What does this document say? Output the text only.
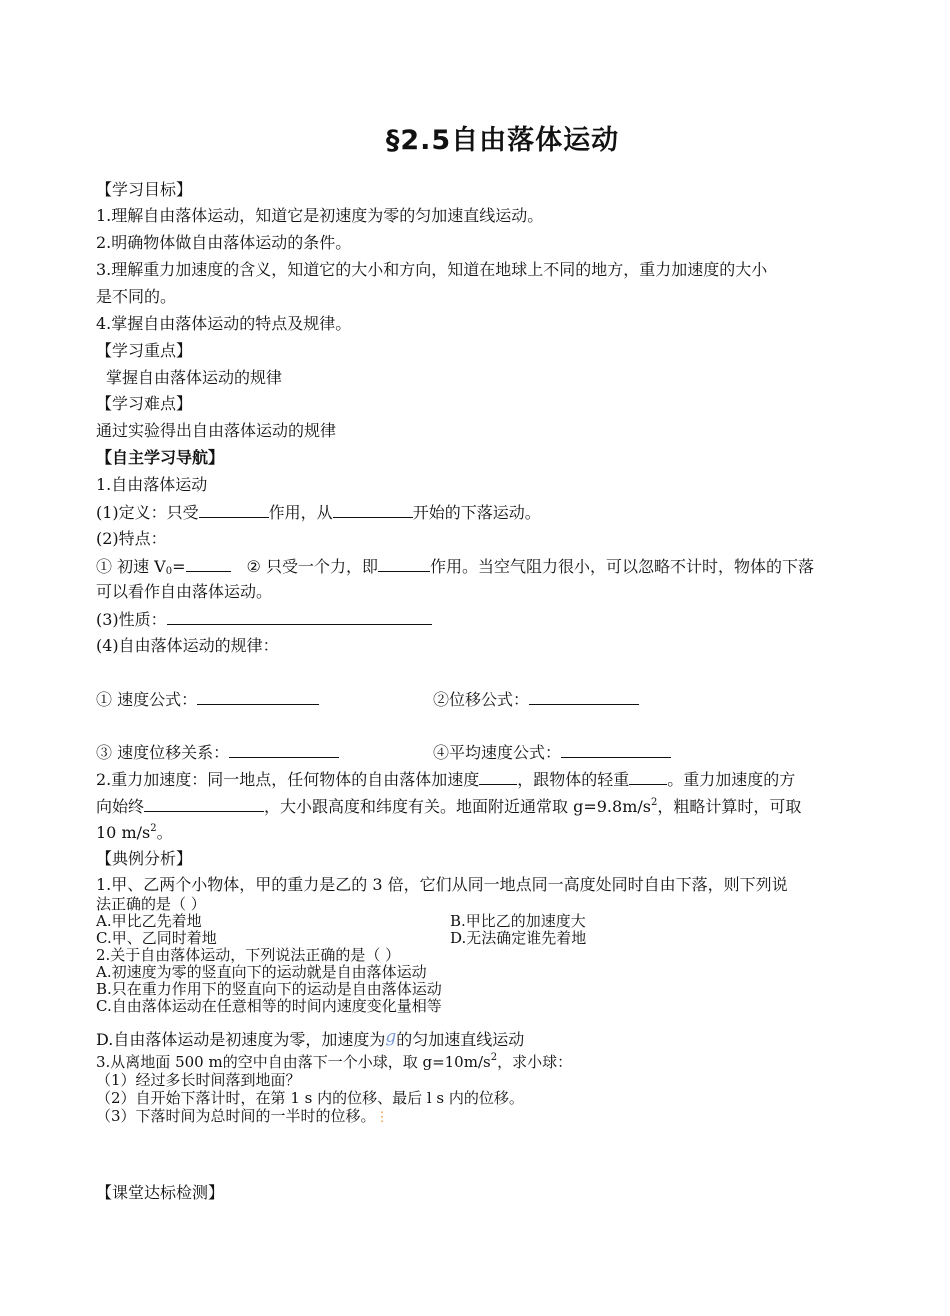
§2.5自由落体运动
【学习目标】
1.理解自由落体运动，知道它是初速度为零的匀加速直线运动。
2.明确物体做自由落体运动的条件。
3.理解重力加速度的含义，知道它的大小和方向，知道在地球上不同的地方，重力加速度的大小
是不同的。
4.掌握自由落体运动的特点及规律。
【学习重点】
掌握自由落体运动的规律
【学习难点】
通过实验得出自由落体运动的规律
【自主学习导航】
1.自由落体运动
(1)定义：只受	作用，从	开始的下落运动。
(2)特点：
① 初速 $V_0=$	② 只受一个力，即	作用。当空气阻力很小，可以忽略不计时，物体的下落
可以看作自由落体运动。
(3)性质：
(4)自由落体运动的规律：
① 速度公式：	②位移公式：
③ 速度位移关系：	④平均速度公式：
2.重力加速度：同一地点，任何物体的自由落体加速度 ，跟物体的轻重 。重力加速度的方
向始终	，大小跟高度和纬度有关。地面附近通常取 $g=9.8m/s^2$，粗略计算时，可取
10 $m/s^2$。
【典例分析】
1.甲、乙两个小物体，甲的重力是乙的 3 倍，它们从同一地点同一高度处同时自由下落，则下列说
法正确的是（ ）
A.甲比乙先着地	B.甲比乙的加速度大
C.甲、乙同时着地	D.无法确定谁先着地
2.关于自由落体运动，下列说法正确的是（ ）
A.初速度为零的竖直向下的运动就是自由落体运动
B.只在重力作用下的竖直向下的运动是自由落体运动
C.自由落体运动在任意相等的时间内速度变化量相等
D.自由落体运动是初速度为零，加速度为g的匀加速直线运动
3.从离地面 500 m的空中自由落下一个小球，取 $g=10m/s^2$，求小球：
（1）经过多长时间落到地面？
（2）自开始下落计时，在第 1 s 内的位移、最后 l s 内的位移。
（3）下落时间为总时间的一半时的位移。⋮
【课堂达标检测】
